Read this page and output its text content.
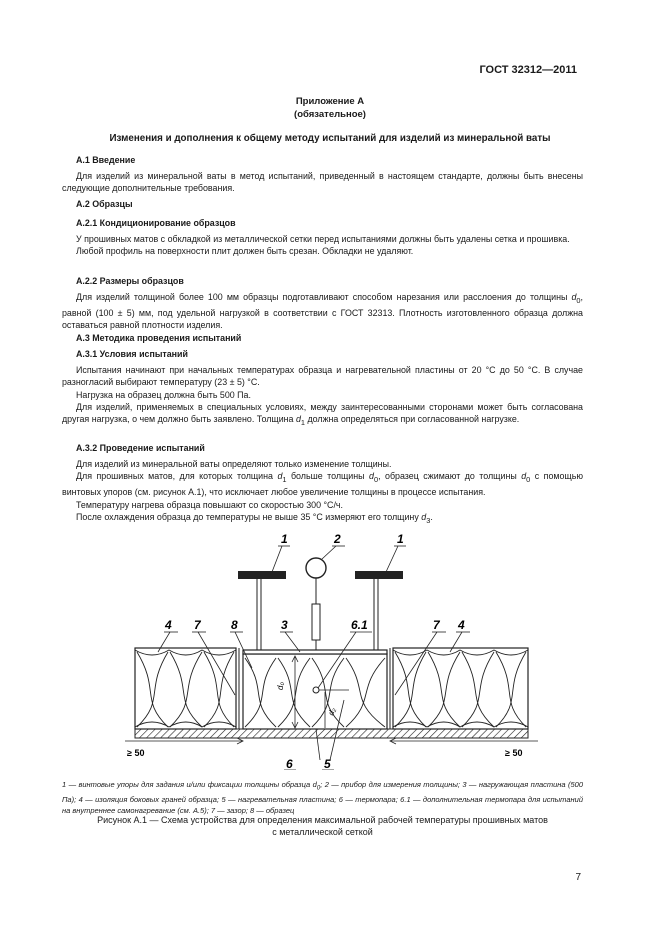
ГОСТ 32312—2011
Приложение А
(обязательное)
Изменения и дополнения к общему методу испытаний для изделий из минеральной ваты
А.1 Введение

Для изделий из минеральной ваты в метод испытаний, приведенный в настоящем стандарте, должны быть внесены следующие дополнительные требования.

А.2 Образцы
А.2.1 Кондиционирование образцов

У прошивных матов с обкладкой из металлической сетки перед испытаниями должны быть удалены сетка и прошивка.

Любой профиль на поверхности плит должен быть срезан. Обкладки не удаляют.

А.2.2 Размеры образцов

Для изделий толщиной более 100 мм образцы подготавливают способом нарезания или расслоения до толщины $d_0$, равной (100 ± 5) мм, под удельной нагрузкой в соответствии с ГОСТ 32313. Плотность изготовленного образца должна оставаться равной плотности изделия.

А.3 Методика проведения испытаний
А.3.1 Условия испытаний

Испытания начинают при начальных температурах образца и нагревательной пластины от 20 °С до 50 °С. В случае разногласий выбирают температуру (23 ± 5) °С.

Нагрузка на образец должна быть 500 Па.

Для изделий, применяемых в специальных условиях, между заинтересованными сторонами может быть согласована другая нагрузка, о чем должно быть заявлено. Толщина $d_1$ должна определяться при согласованной нагрузке.

А.3.2 Проведение испытаний

Для изделий из минеральной ваты определяют только изменение толщины.

Для прошивных матов, для которых толщина $d_1$ больше толщины $d_0$, образец сжимают до толщины $d_0$ с помощью винтовых упоров (см. рисунок А.1), что исключает любое увеличение толщины в процессе испытания.

Температуру нагрева образца повышают со скоростью 300 °С/ч.

После охлаждения образца до температуры не выше 35 °С измеряют его толщину $d_3$.

d₀
d₂
≥ 50	≥ 50
1	2	1
4 7	8	3	6.1	7 4
6	5
1 — винтовые упоры для задания и/или фиксации толщины образца $d_0$; 2 — прибор для измерения толщины; 3 — нагружающая пластина (500 Па); 4 — изоляция боковых граней образца; 5 — нагревательная пластина; 6 — термопара; 6.1 — дополнительная термопара для испытаний на внутреннее самонагревание (см. А.5); 7 — зазор; 8 — образец
Рисунок А.1 — Схема устройства для определения максимальной рабочей температуры прошивных матов
с металлической сеткой
7
